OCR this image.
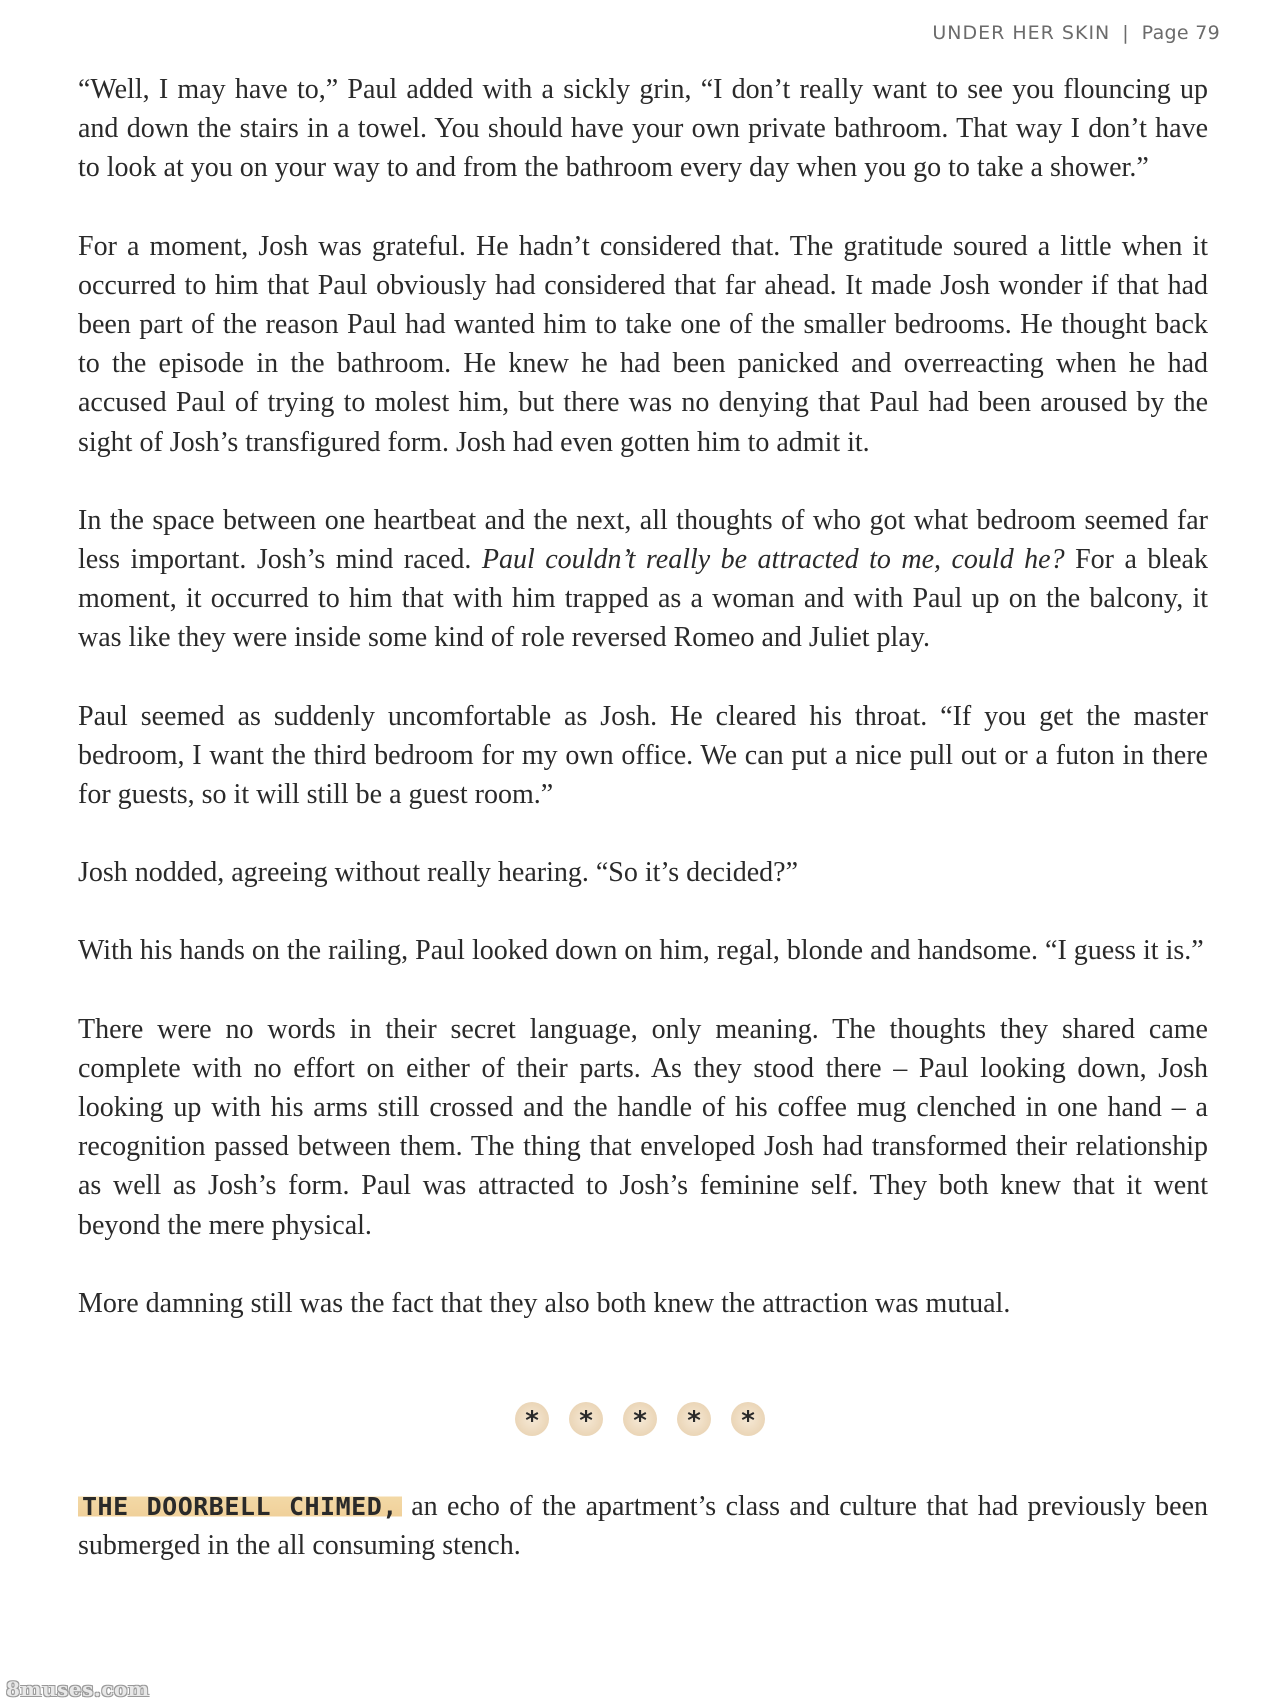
UNDER HER SKIN | Page 79

“Well, I may have to,” Paul added with a sickly grin, “I don’t really want to see you flouncing up and down the stairs in a towel. You should have your own private bathroom. That way I don’t have to look at you on your way to and from the bathroom every day when you go to take a shower.”

For a moment, Josh was grateful. He hadn’t considered that. The gratitude soured a little when it occurred to him that Paul obviously had considered that far ahead. It made Josh wonder if that had been part of the reason Paul had wanted him to take one of the smaller bedrooms. He thought back to the episode in the bathroom. He knew he had been panicked and overreacting when he had accused Paul of trying to molest him, but there was no denying that Paul had been aroused by the sight of Josh’s transfigured form. Josh had even gotten him to admit it.

In the space between one heartbeat and the next, all thoughts of who got what bedroom seemed far less important. Josh’s mind raced. Paul couldn’t really be attracted to me, could he? For a bleak moment, it occurred to him that with him trapped as a woman and with Paul up on the balcony, it was like they were inside some kind of role reversed Romeo and Juliet play.

Paul seemed as suddenly uncomfortable as Josh. He cleared his throat. “If you get the master bedroom, I want the third bedroom for my own office. We can put a nice pull out or a futon in there for guests, so it will still be a guest room.”

Josh nodded, agreeing without really hearing. “So it’s decided?”

With his hands on the railing, Paul looked down on him, regal, blonde and handsome. “I guess it is.”

There were no words in their secret language, only meaning. The thoughts they shared came complete with no effort on either of their parts. As they stood there – Paul looking down, Josh looking up with his arms still crossed and the handle of his coffee mug clenched in one hand – a recognition passed between them. The thing that enveloped Josh had transformed their relationship as well as Josh’s form. Paul was attracted to Josh’s feminine self. They both knew that it went beyond the mere physical.

More damning still was the fact that they also both knew the attraction was mutual.

* * * * *
THE DOORBELL CHIMED, an echo of the apartment’s class and culture that had previously been submerged in the all consuming stench.
8muses.com
